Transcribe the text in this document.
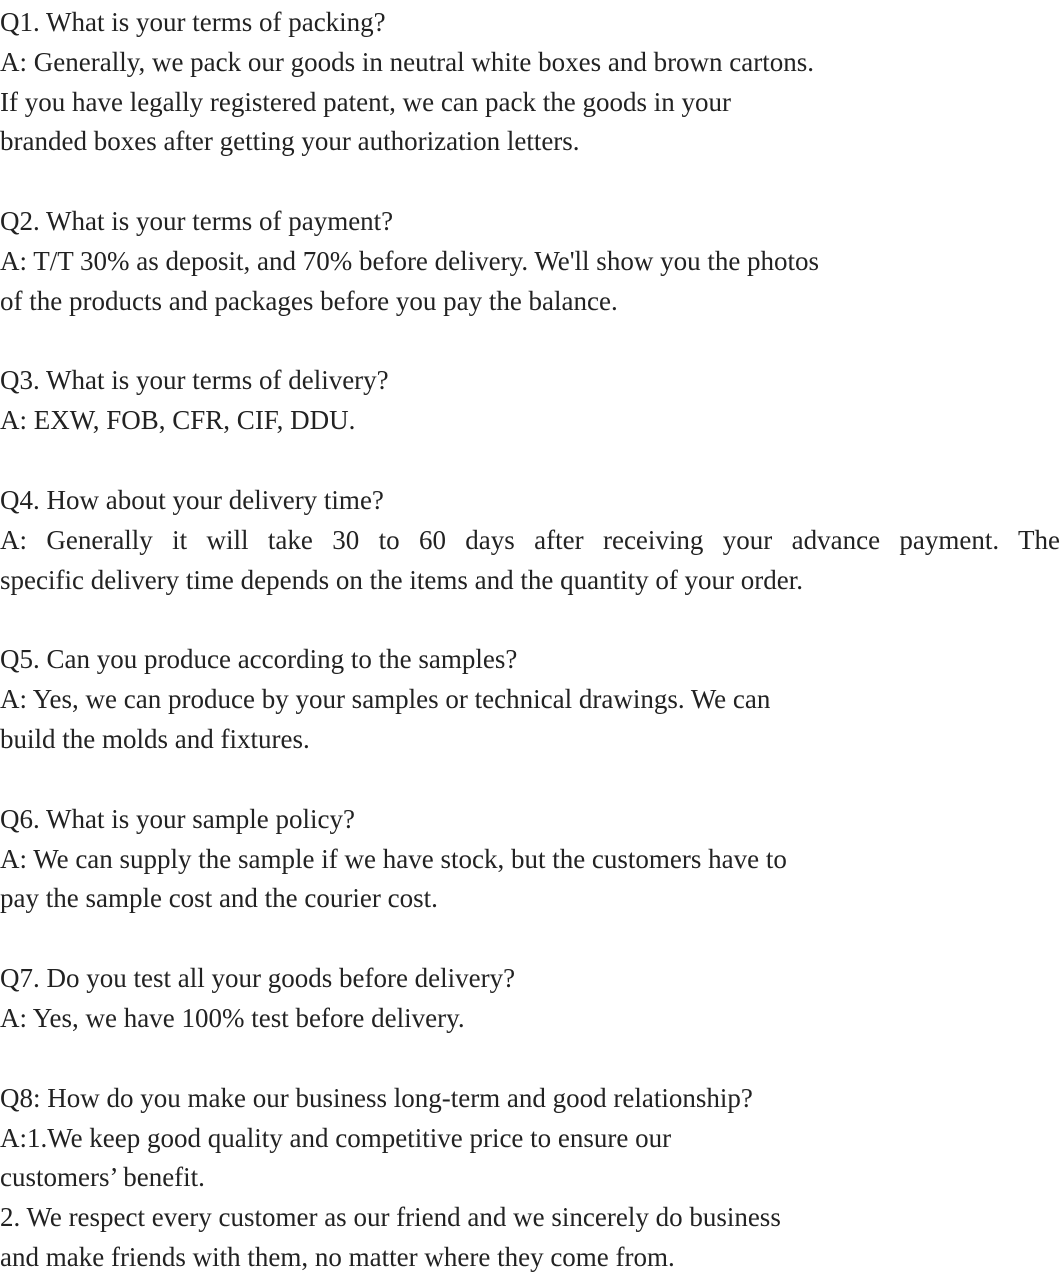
Q1. What is your terms of packing?
A: Generally, we pack our goods in neutral white boxes and brown cartons.
If you have legally registered patent, we can pack the goods in your
branded boxes after getting your authorization letters.
Q2. What is your terms of payment?
A: T/T 30% as deposit, and 70% before delivery. We'll show you the photos
of the products and packages before you pay the balance.
Q3. What is your terms of delivery?
A: EXW, FOB, CFR, CIF, DDU.
Q4. How about your delivery time?
A: Generally it will take 30 to 60 days after receiving your advance payment. The
specific delivery time depends on the items and the quantity of your order.
Q5. Can you produce according to the samples?
A: Yes, we can produce by your samples or technical drawings. We can
build the molds and fixtures.
Q6. What is your sample policy?
A: We can supply the sample if we have stock, but the customers have to
pay the sample cost and the courier cost.
Q7. Do you test all your goods before delivery?
A: Yes, we have 100% test before delivery.
Q8: How do you make our business long-term and good relationship?
A:1.We keep good quality and competitive price to ensure our
customers’ benefit.
2. We respect every customer as our friend and we sincerely do business
and make friends with them, no matter where they come from.
